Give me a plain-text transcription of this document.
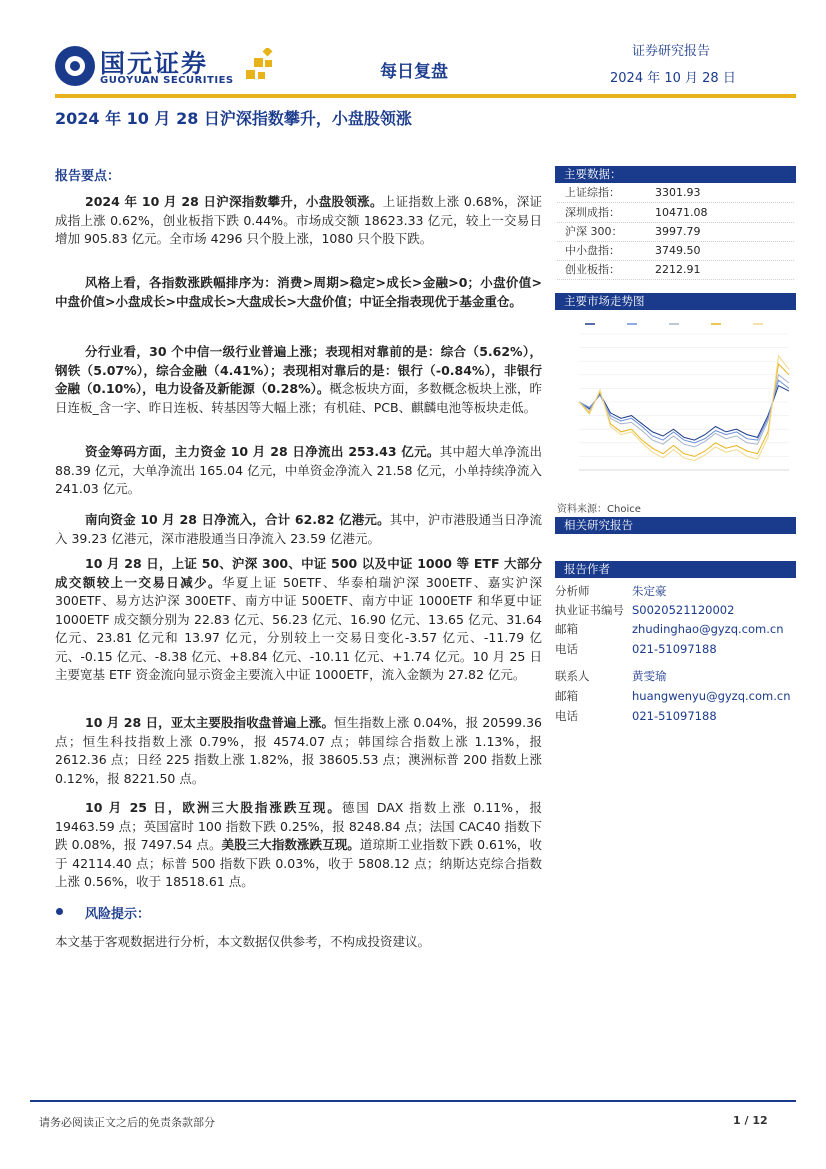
国元证券
GUOYUAN SECURITIES	每日复盘
证券研究报告
2024 年 10 月 28 日
2024 年 10 月 28 日沪深指数攀升，小盘股领涨
报告要点：
2024 年 10 月 28 日沪深指数攀升，小盘股领涨。上证指数上涨 0.68%，深证成指上涨 0.62%，创业板指下跌 0.44%。市场成交额 18623.33 亿元，较上一交易日增加 905.83 亿元。全市场 4296 只个股上涨，1080 只个股下跌。
风格上看，各指数涨跌幅排序为：消费>周期>稳定>成长>金融>0；小盘价值>中盘价值>小盘成长>中盘成长>大盘成长>大盘价值；中证全指表现优于基金重仓。
分行业看，30 个中信一级行业普遍上涨；表现相对靠前的是：综合（5.62%），钢铁（5.07%），综合金融（4.41%）；表现相对靠后的是：银行（-0.84%），非银行金融（0.10%），电力设备及新能源（0.28%）。概念板块方面，多数概念板块上涨，昨日连板_含一字、昨日连板、转基因等大幅上涨；有机硅、PCB、麒麟电池等板块走低。
资金筹码方面，主力资金 10 月 28 日净流出 253.43 亿元。其中超大单净流出 88.39 亿元，大单净流出 165.04 亿元，中单资金净流入 21.58 亿元，小单持续净流入 241.03 亿元。
南向资金 10 月 28 日净流入，合计 62.82 亿港元。其中，沪市港股通当日净流入 39.23 亿港元，深市港股通当日净流入 23.59 亿港元。
10 月 28 日，上证 50、沪深 300、中证 500 以及中证 1000 等 ETF 大部分成交额较上一交易日减少。华夏上证 50ETF、华泰柏瑞沪深 300ETF、嘉实沪深 300ETF、易方达沪深 300ETF、南方中证 500ETF、南方中证 1000ETF 和华夏中证 1000ETF 成交额分别为 22.83 亿元、56.23 亿元、16.90 亿元、13.65 亿元、31.64 亿元、23.81 亿元和 13.97 亿元，分别较上一交易日变化-3.57 亿元、-11.79 亿元、-0.15 亿元、-8.38 亿元、+8.84 亿元、-10.11 亿元、+1.74 亿元。10 月 25 日主要宽基 ETF 资金流向显示资金主要流入中证 1000ETF，流入金额为 27.82 亿元。
10 月 28 日，亚太主要股指收盘普遍上涨。恒生指数上涨 0.04%，报 20599.36 点；恒生科技指数上涨 0.79%，报 4574.07 点；韩国综合指数上涨 1.13%，报 2612.36 点；日经 225 指数上涨 1.82%，报 38605.53 点；澳洲标普 200 指数上涨 0.12%，报 8221.50 点。
10 月 25 日，欧洲三大股指涨跌互现。德国 DAX 指数上涨 0.11%，报 19463.59 点；英国富时 100 指数下跌 0.25%，报 8248.84 点；法国 CAC40 指数下跌 0.08%，报 7497.54 点。美股三大指数涨跌互现。道琼斯工业指数下跌 0.61%，收于 42114.40 点；标普 500 指数下跌 0.03%，收于 5808.12 点；纳斯达克综合指数上涨 0.56%，收于 18518.61 点。
风险提示：
本文基于客观数据进行分析，本文数据仅供参考，不构成投资建议。
主要数据：
上证综指：	3301.93
深圳成指：	10471.08
沪深 300：	3997.79
中小盘指：	3749.50
创业板指：	2212.91
主要市场走势图
资料来源：Choice
相关研究报告
报告作者
分析师	朱定豪
执业证书编号 S0020521120002
邮箱	zhudinghao@gyzq.com.cn
电话	021-51097188
联系人	黄雯瑜
邮箱	huangwenyu@gyzq.com.cn
电话	021-51097188
请务必阅读正文之后的免责条款部分	1 / 12
